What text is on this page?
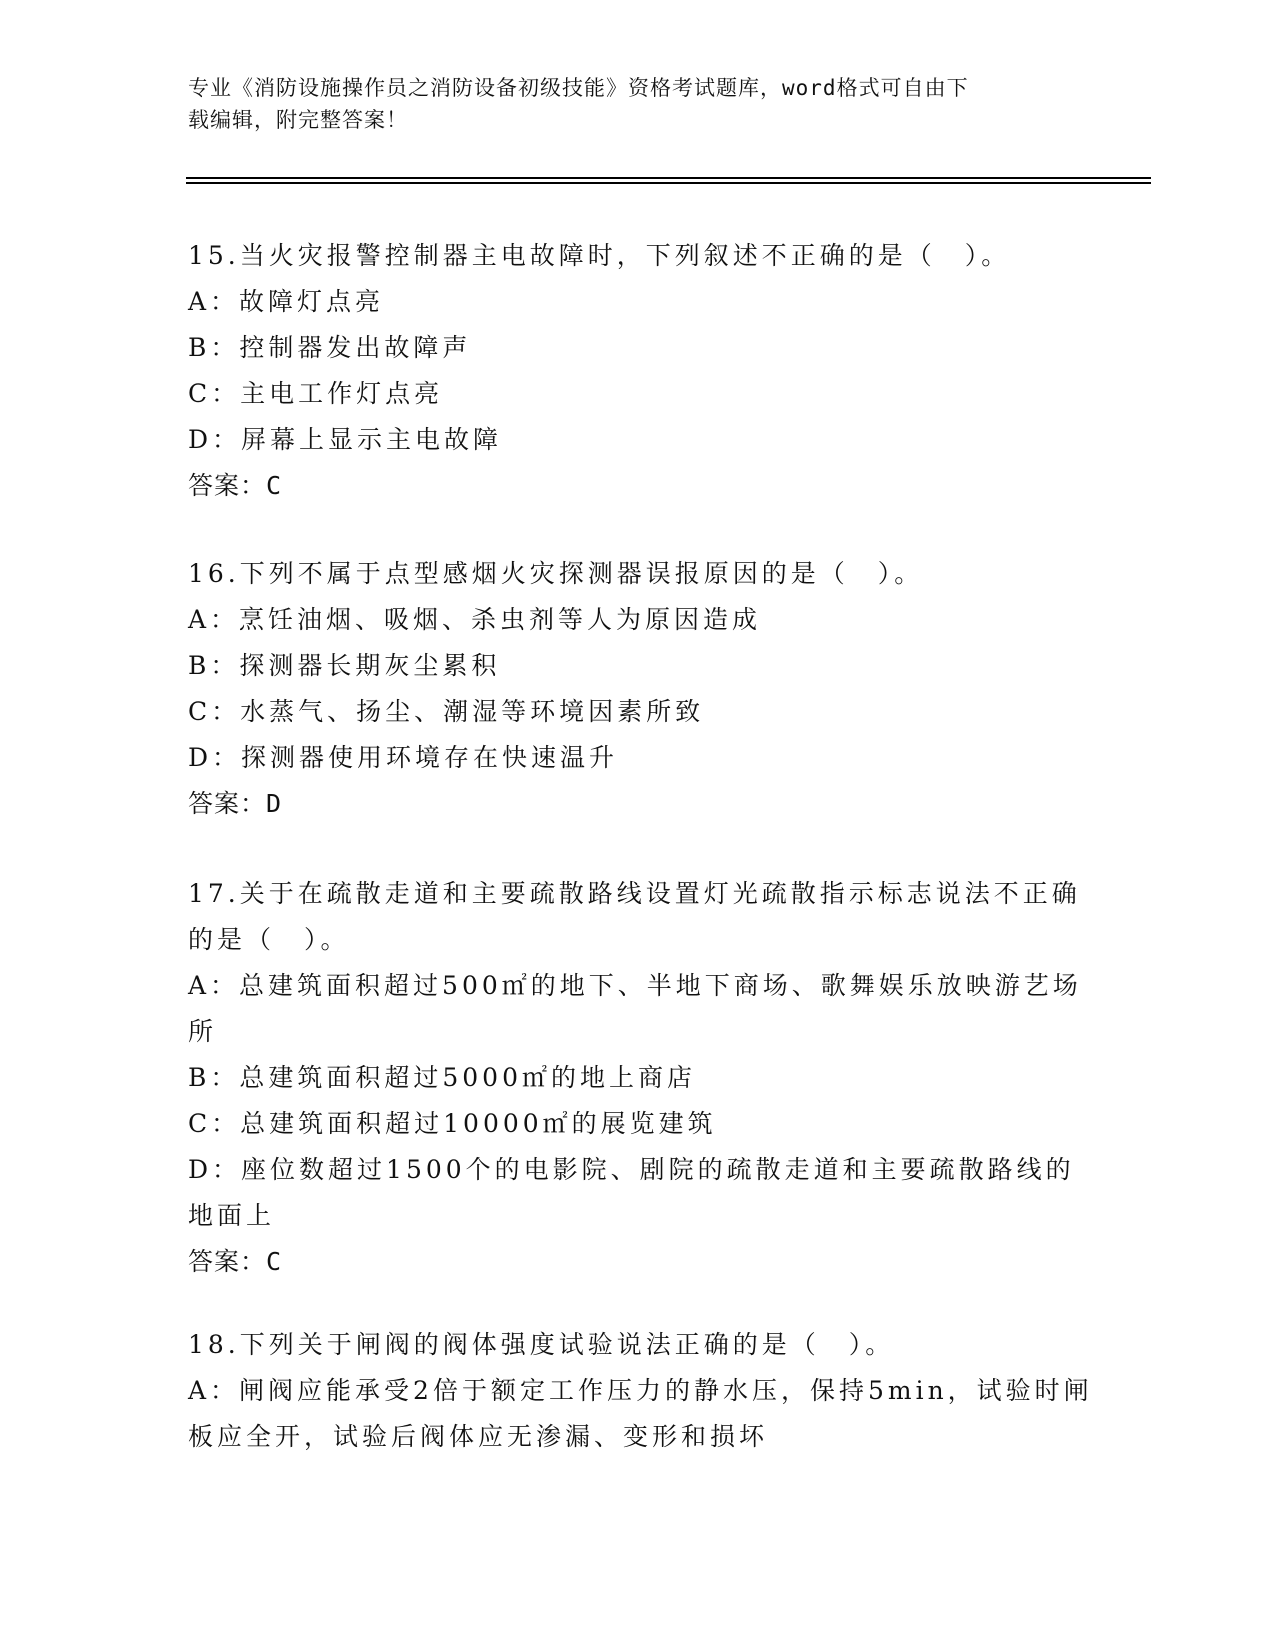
专业《消防设施操作员之消防设备初级技能》资格考试题库，word格式可自由下
载编辑，附完整答案！
15.当火灾报警控制器主电故障时，下列叙述不正确的是（　）。
A：故障灯点亮
B：控制器发出故障声
C：主电工作灯点亮
D：屏幕上显示主电故障
答案：C
16.下列不属于点型感烟火灾探测器误报原因的是（　）。
A：烹饪油烟、吸烟、杀虫剂等人为原因造成
B：探测器长期灰尘累积
C：水蒸气、扬尘、潮湿等环境因素所致
D：探测器使用环境存在快速温升
答案：D
17.关于在疏散走道和主要疏散路线设置灯光疏散指示标志说法不正确
的是（　）。
A：总建筑面积超过500㎡的地下、半地下商场、歌舞娱乐放映游艺场
所
B：总建筑面积超过5000㎡的地上商店
C：总建筑面积超过10000㎡的展览建筑
D：座位数超过1500个的电影院、剧院的疏散走道和主要疏散路线的
地面上
答案：C
18.下列关于闸阀的阀体强度试验说法正确的是（　）。
A：闸阀应能承受2倍于额定工作压力的静水压，保持5min，试验时闸
板应全开，试验后阀体应无渗漏、变形和损坏
